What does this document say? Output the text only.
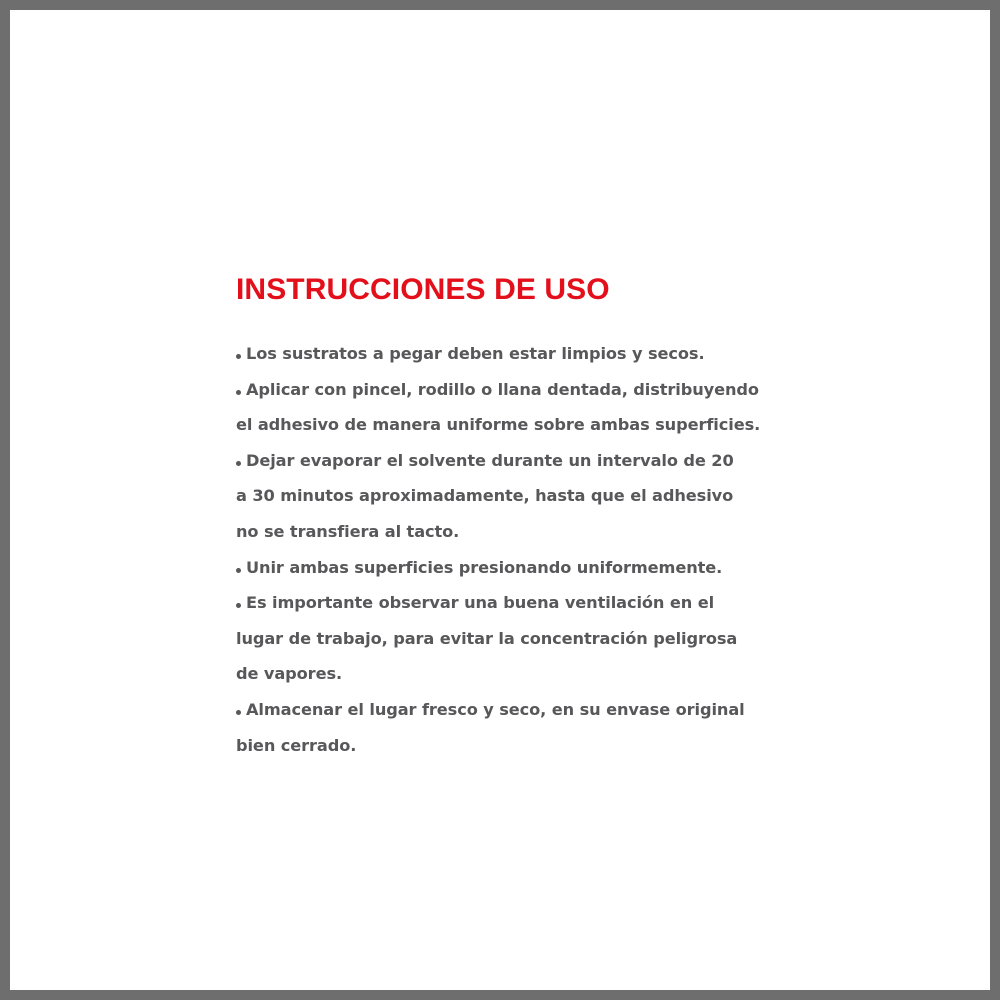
INSTRUCCIONES DE USO
Los sustratos a pegar deben estar limpios y secos.
Aplicar con pincel, rodillo o llana dentada, distribuyendo
el adhesivo de manera uniforme sobre ambas superficies.
Dejar evaporar el solvente durante un intervalo de 20
a 30 minutos aproximadamente, hasta que el adhesivo
no se transfiera al tacto.
Unir ambas superficies presionando uniformemente.
Es importante observar una buena ventilación en el
lugar de trabajo, para evitar la concentración peligrosa
de vapores.
Almacenar el lugar fresco y seco, en su envase original
bien cerrado.
